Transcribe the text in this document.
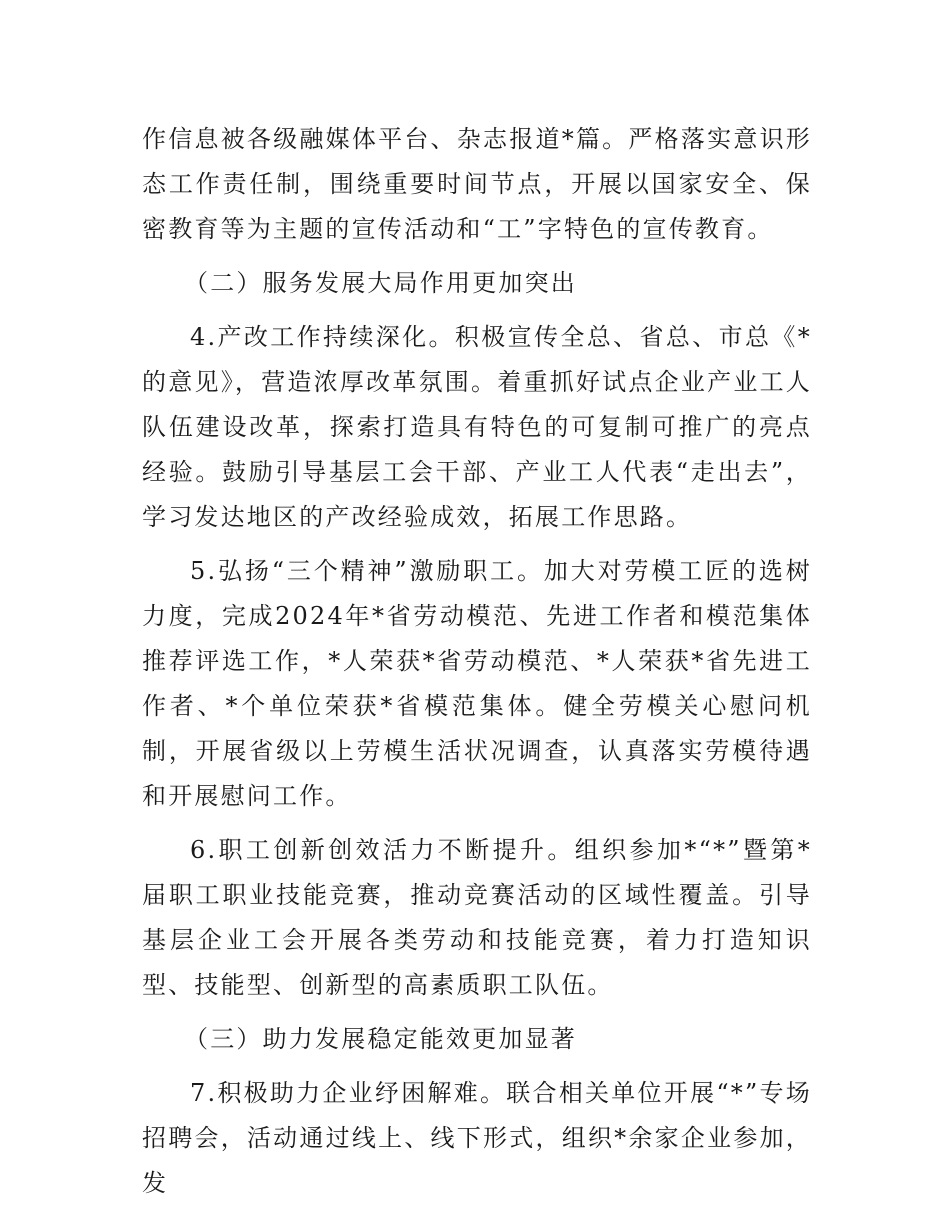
作信息被各级融媒体平台、杂志报道*篇。严格落实意识形态工作责任制，围绕重要时间节点，开展以国家安全、保密教育等为主题的宣传活动和“工”字特色的宣传教育。

（二）服务发展大局作用更加突出

4.产改工作持续深化。积极宣传全总、省总、市总《*的意见》，营造浓厚改革氛围。着重抓好试点企业产业工人队伍建设改革，探索打造具有特色的可复制可推广的亮点经验。鼓励引导基层工会干部、产业工人代表“走出去”，学习发达地区的产改经验成效，拓展工作思路。

5.弘扬“三个精神”激励职工。加大对劳模工匠的选树力度，完成2024年*省劳动模范、先进工作者和模范集体推荐评选工作，*人荣获*省劳动模范、*人荣获*省先进工作者、*个单位荣获*省模范集体。健全劳模关心慰问机制，开展省级以上劳模生活状况调查，认真落实劳模待遇和开展慰问工作。

6.职工创新创效活力不断提升。组织参加*“*”暨第*届职工职业技能竞赛，推动竞赛活动的区域性覆盖。引导基层企业工会开展各类劳动和技能竞赛，着力打造知识型、技能型、创新型的高素质职工队伍。

（三）助力发展稳定能效更加显著

7.积极助力企业纾困解难。联合相关单位开展“*”专场招聘会，活动通过线上、线下形式，组织*余家企业参加，发
